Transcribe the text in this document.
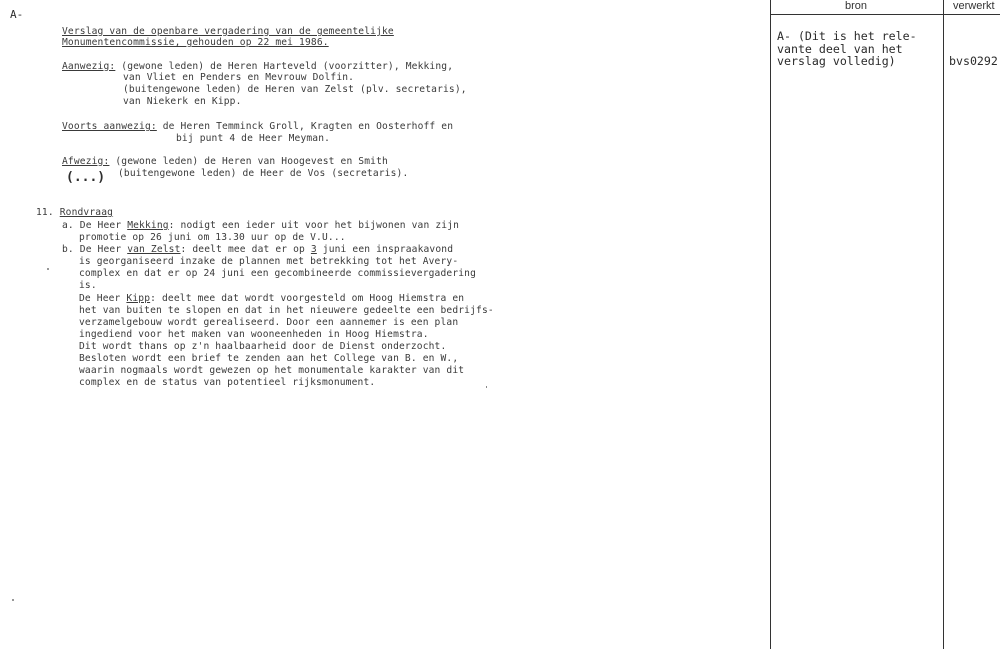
A-
Verslag van de openbare vergadering van de gemeentelijke
Monumentencommissie, gehouden op 22 mei 1986.
Aanwezig: (gewone leden) de Heren Harteveld (voorzitter), Mekking,
van Vliet en Penders en Mevrouw Dolfin.
(buitengewone leden) de Heren van Zelst (plv. secretaris),
van Niekerk en Kipp.
Voorts aanwezig: de Heren Temminck Groll, Kragten en Oosterhoff en
bij punt 4 de Heer Meyman.
Afwezig: (gewone leden) de Heren van Hoogevest en Smith
(buitengewone leden) de Heer de Vos (secretaris).
(...)
11. Rondvraag
a. De Heer Mekking: nodigt een ieder uit voor het bijwonen van zijn
promotie op 26 juni om 13.30 uur op de V.U...
b. De Heer van Zelst: deelt mee dat er op 3 juni een inspraakavond
is georganiseerd inzake de plannen met betrekking tot het Avery-
complex en dat er op 24 juni een gecombineerde commissievergadering
is.
De Heer Kipp: deelt mee dat wordt voorgesteld om Hoog Hiemstra en
het van buiten te slopen en dat in het nieuwere gedeelte een bedrijfs-
verzamelgebouw wordt gerealiseerd. Door een aannemer is een plan
ingediend voor het maken van wooneenheden in Hoog Hiemstra.
Dit wordt thans op z'n haalbaarheid door de Dienst onderzocht.
Besloten wordt een brief te zenden aan het College van B. en W.,
waarin nogmaals wordt gewezen op het monumentale karakter van dit
complex en de status van potentieel rijksmonument.
bron	verwerkt
A- (Dit is het rele-
vante deel van het
verslag volledig)	bvs0292
